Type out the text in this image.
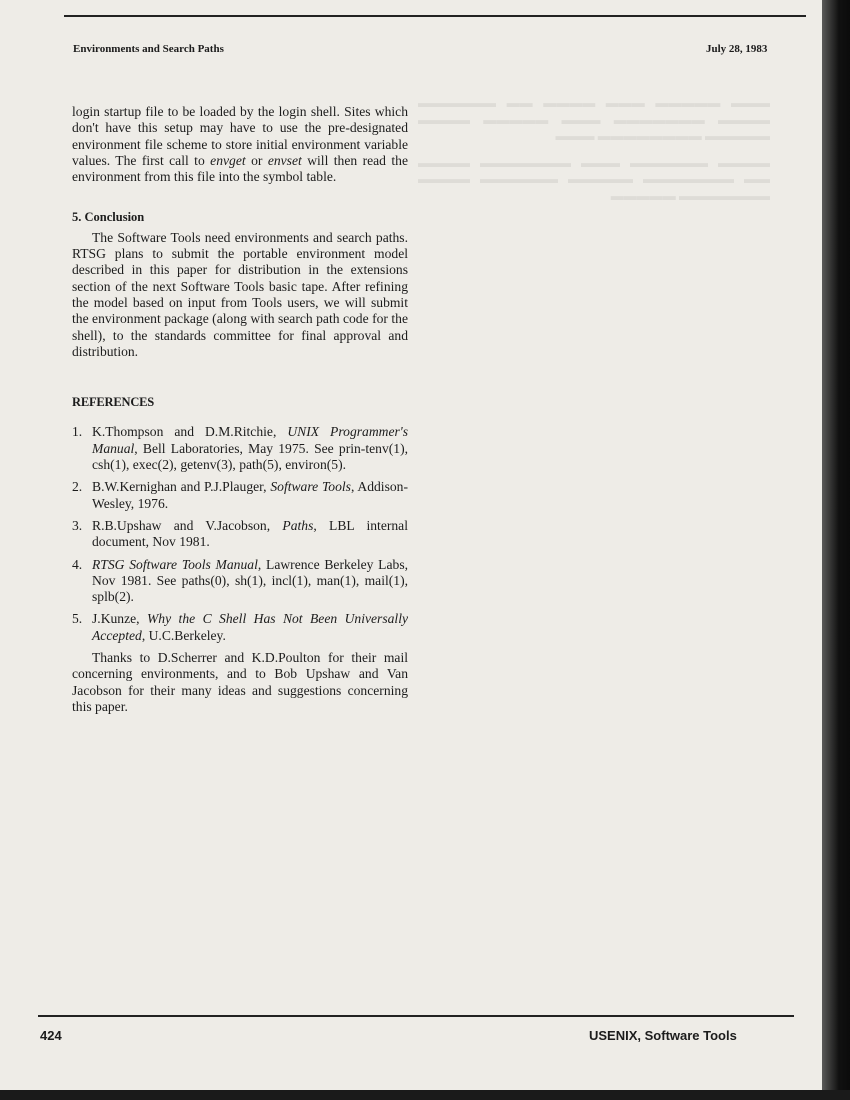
Environments and Search Paths	July 28, 1983

▬▬▬ ▬▬▬▬▬ ▬▬▬ ▬▬▬▬ ▬▬ ▬▬▬▬▬▬ ▬▬▬▬ ▬▬▬▬▬▬▬ ▬▬▬ ▬▬▬▬▬ ▬▬▬▬ ▬▬▬▬▬ ▬▬▬▬▬▬▬▬ ▬▬▬

▬▬▬▬ ▬▬▬▬▬▬ ▬▬▬ ▬▬▬▬▬▬▬ ▬▬▬▬ ▬▬ ▬▬▬▬▬▬▬ ▬▬▬▬▬ ▬▬▬▬▬▬ ▬▬▬▬ ▬▬▬▬▬▬▬ ▬▬▬▬▬

login startup file to be loaded by the login shell. Sites which don't have this setup may have to use the pre-designated environment file scheme to store initial environment variable values. The first call to envget or envset will then read the environment from this file into the symbol table.

5. Conclusion

The Software Tools need environments and search paths. RTSG plans to submit the portable environment model described in this paper for distribution in the extensions section of the next Software Tools basic tape. After refining the model based on input from Tools users, we will submit the environment package (along with search path code for the shell), to the standards committee for final approval and distribution.

REFERENCES
1. K.Thompson and D.M.Ritchie, UNIX Programmer's Manual, Bell Laboratories, May 1975. See prin-tenv(1), csh(1), exec(2), getenv(3), path(5), environ(5).
2. B.W.Kernighan and P.J.Plauger, Software Tools, Addison-Wesley, 1976.
3. R.B.Upshaw and V.Jacobson, Paths, LBL internal document, Nov 1981.
4. RTSG Software Tools Manual, Lawrence Berkeley Labs, Nov 1981. See paths(0), sh(1), incl(1), man(1), mail(1), splb(2).
5. J.Kunze, Why the C Shell Has Not Been Universally Accepted, U.C.Berkeley.

Thanks to D.Scherrer and K.D.Poulton for their mail concerning environments, and to Bob Upshaw and Van Jacobson for their many ideas and suggestions concerning this paper.

424	USENIX, Software Tools
